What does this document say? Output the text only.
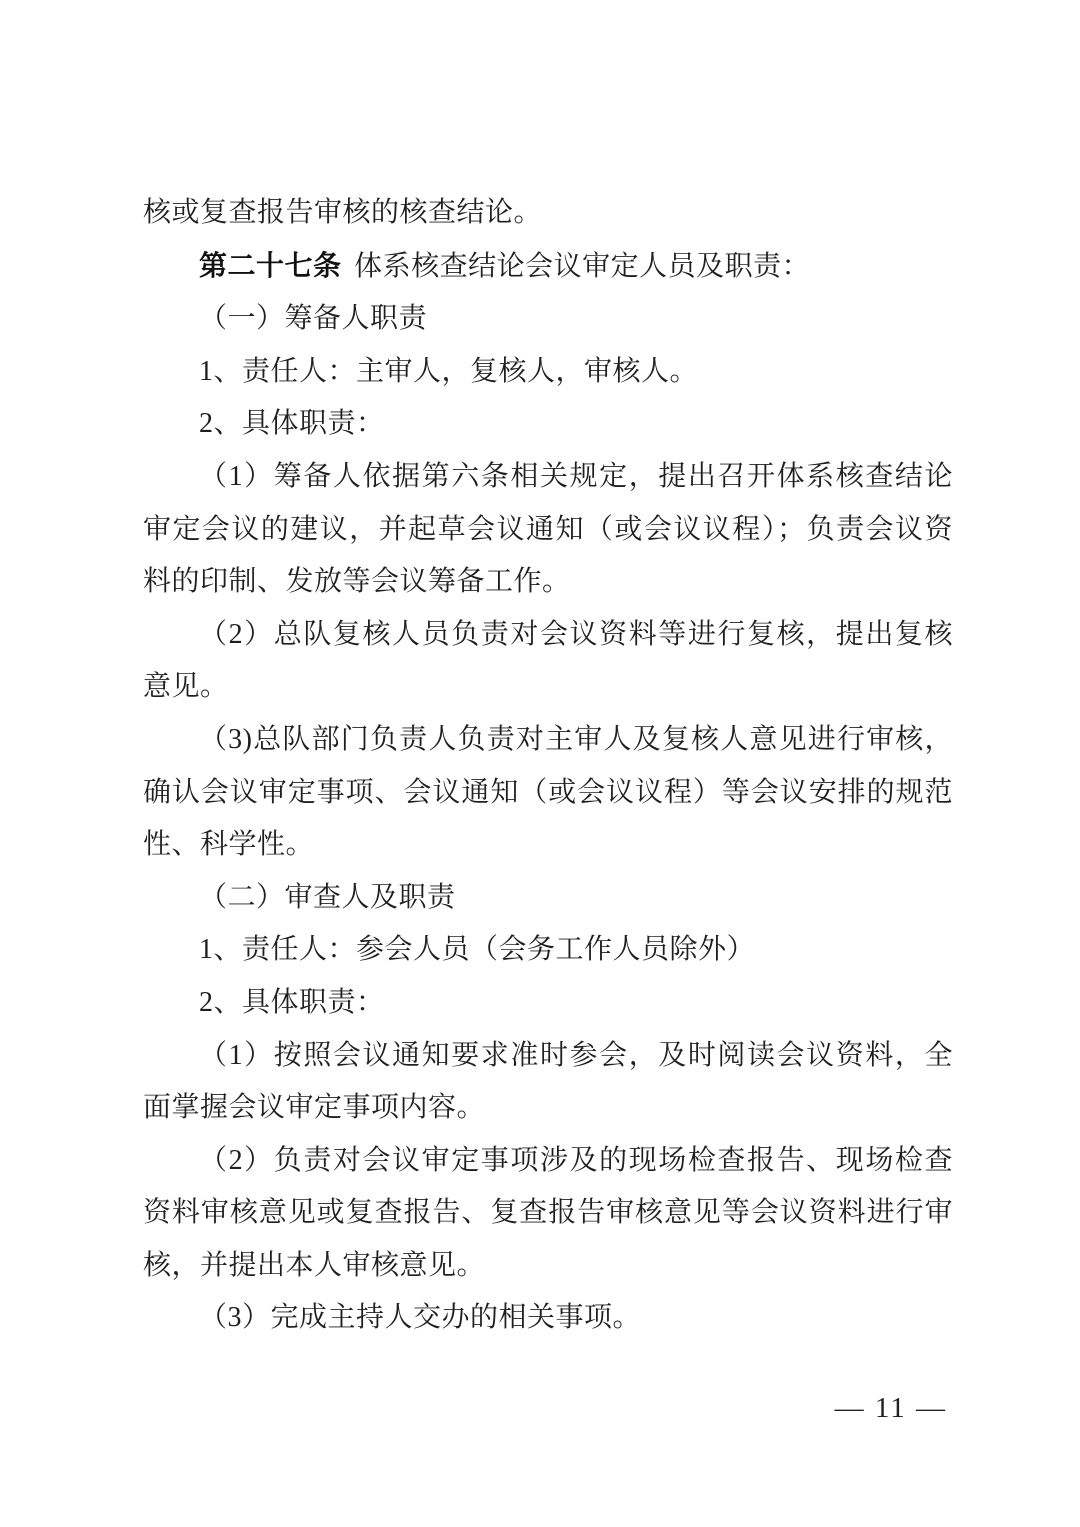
核或复查报告审核的核查结论。
第二十七条 体系核查结论会议审定人员及职责：
（一）筹备人职责
1、责任人：主审人，复核人，审核人。
2、具体职责：
（1）筹备人依据第六条相关规定，提出召开体系核查结论
审定会议的建议，并起草会议通知（或会议议程）；负责会议资
料的印制、发放等会议筹备工作。
（2）总队复核人员负责对会议资料等进行复核，提出复核
意见。
（3)总队部门负责人负责对主审人及复核人意见进行审核，
确认会议审定事项、会议通知（或会议议程）等会议安排的规范
性、科学性。
（二）审查人及职责
1、责任人：参会人员（会务工作人员除外）
2、具体职责：
（1）按照会议通知要求准时参会，及时阅读会议资料，全
面掌握会议审定事项内容。
（2）负责对会议审定事项涉及的现场检查报告、现场检查
资料审核意见或复查报告、复查报告审核意见等会议资料进行审
核，并提出本人审核意见。
（3）完成主持人交办的相关事项。
— 11 —
